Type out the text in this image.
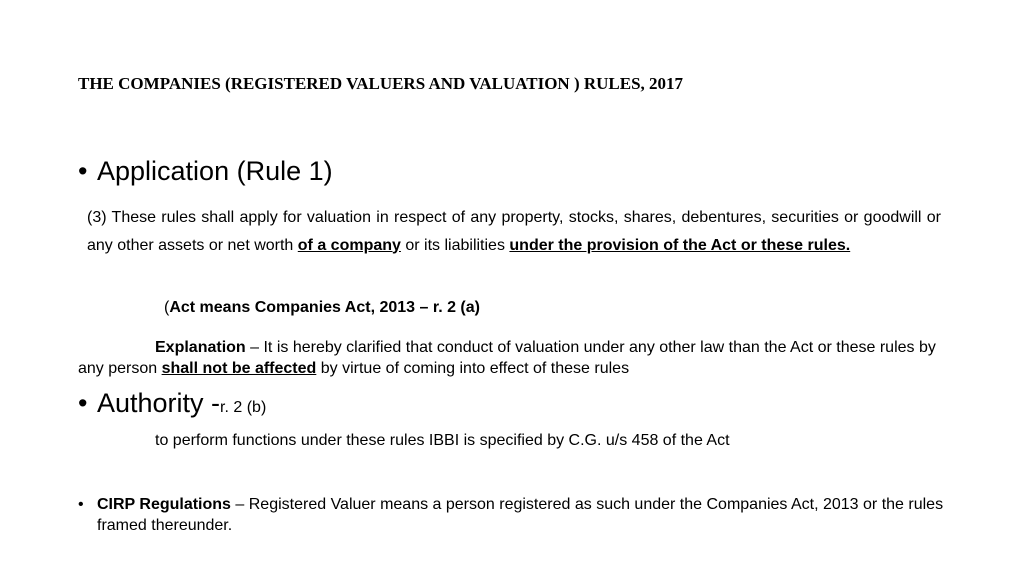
THE COMPANIES (REGISTERED VALUERS AND VALUATION ) RULES, 2017
• Application (Rule 1)
(3) These rules shall apply for valuation in respect of any property, stocks, shares, debentures, securities or goodwill or any other assets or net worth of a company or its liabilities under the provision of the Act or these rules.
(Act means Companies Act, 2013 – r. 2 (a)
Explanation – It is hereby clarified that conduct of valuation under any other law than the Act or these rules by any person shall not be affected by virtue of coming into effect of these rules
• Authority - r. 2 (b)
to perform functions under these rules IBBI is specified by C.G. u/s 458 of the Act
• CIRP Regulations – Registered Valuer means a person registered as such under the Companies Act, 2013 or the rules framed thereunder.
